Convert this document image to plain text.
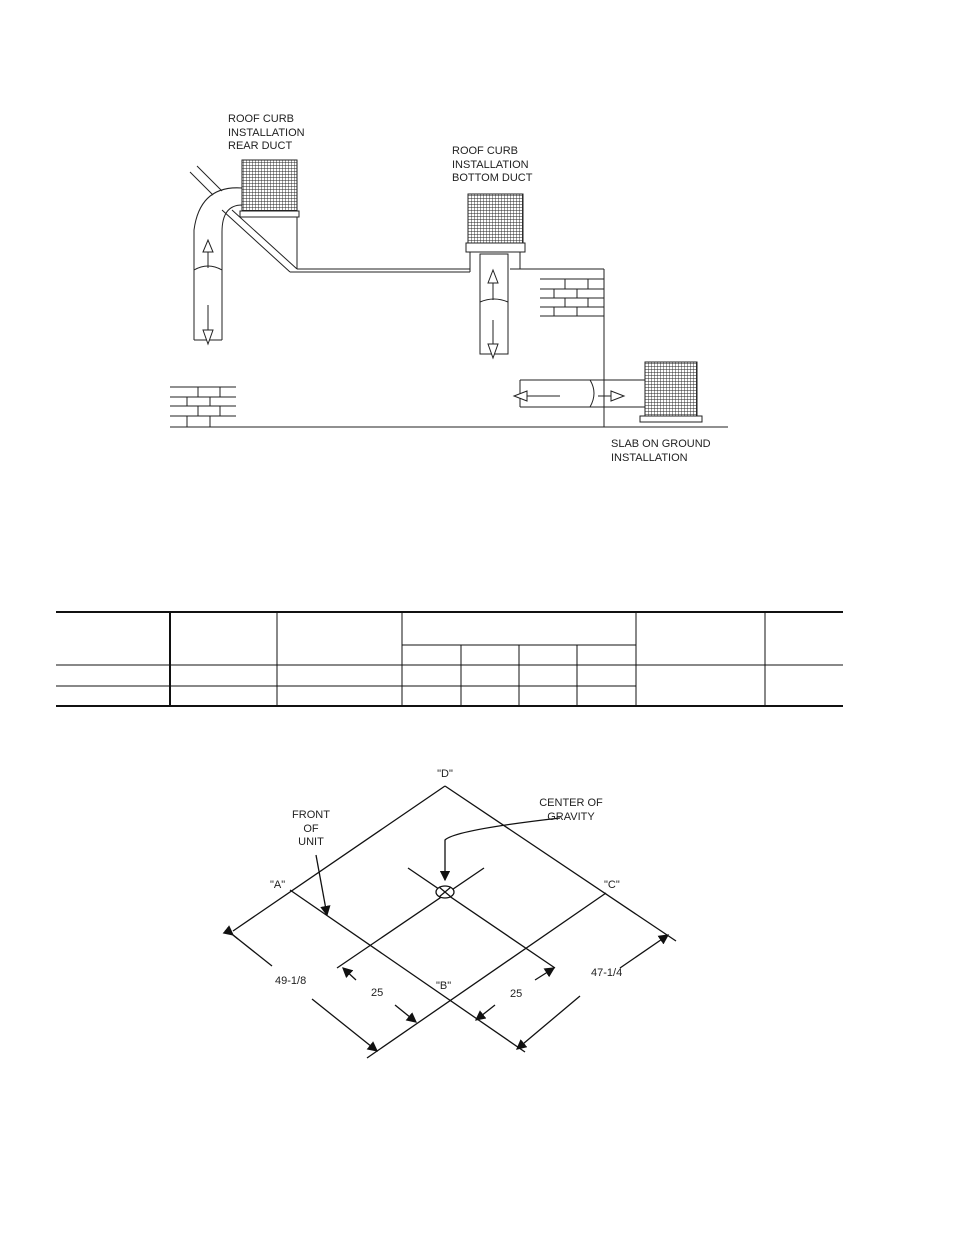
ROOF CURB
INSTALLATION
REAR DUCT	ROOF CURB
INSTALLATION
BOTTOM DUCT
SLAB ON GROUND
INSTALLATION
"D"
CENTER OF
GRAVITY
FRONT
OF
UNIT
"A"	"C"
"B"
49-1/8
47-1/4
25	25
